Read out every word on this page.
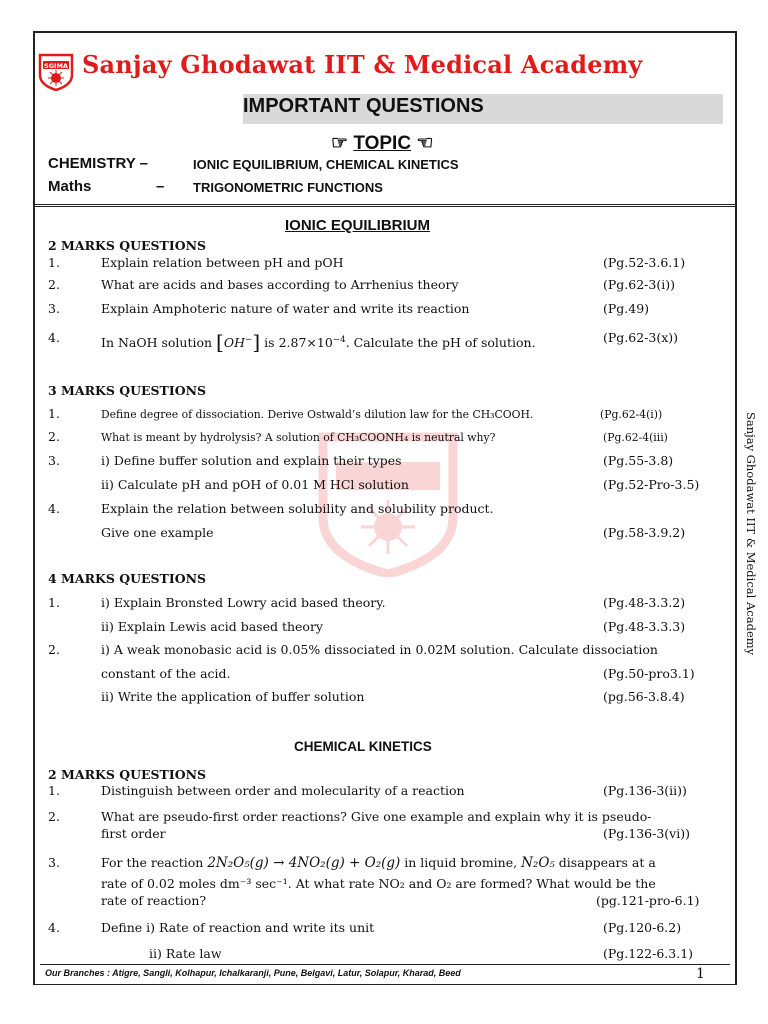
SGIMA Sanjay Ghodawat IIT & Medical Academy
IMPORTANT QUESTIONS
☞ TOPIC ☜
CHEMISTRY –	IONIC EQUILIBRIUM, CHEMICAL KINETICS
Maths	– TRIGONOMETRIC FUNCTIONS
IONIC EQUILIBRIUM
2 MARKS QUESTIONS
1.	Explain relation between pH and pOH	(Pg.52-3.6.1)
2.	What are acids and bases according to Arrhenius theory	(Pg.62-3(i))
3.	Explain Amphoteric nature of water and write its reaction	(Pg.49)
4.	In NaOH solution [OH−] is $2.87\times 10^{-4}$. Calculate the pH of solution.	(Pg.62-3(x))
3 MARKS QUESTIONS
1.	Define degree of dissociation. Derive Ostwald’s dilution law for the CH₃COOH.	(Pg.62-4(i))
2.	What is meant by hydrolysis? A solution of CH₃COONH₄ is neutral why?	(Pg.62-4(iii)
3.	i) Define buffer solution and explain their types	(Pg.55-3.8)
ii) Calculate pH and pOH of 0.01 M HCl solution	(Pg.52-Pro-3.5)
4.	Explain the relation between solubility and solubility product.
Give one example	(Pg.58-3.9.2)
4 MARKS QUESTIONS
1.	i) Explain Bronsted Lowry acid based theory.	(Pg.48-3.3.2)
ii) Explain Lewis acid based theory	(Pg.48-3.3.3)
2.	i) A weak monobasic acid is 0.05% dissociated in 0.02M solution. Calculate dissociation
constant of the acid.	(Pg.50-pro3.1)
ii) Write the application of buffer solution	(pg.56-3.8.4)
CHEMICAL KINETICS
2 MARKS QUESTIONS
1.	Distinguish between order and molecularity of a reaction	(Pg.136-3(ii))
2.	What are pseudo-first order reactions? Give one example and explain why it is pseudo-
first order	(Pg.136-3(vi))
3.	For the reaction 2N₂O₅(g) → 4NO₂(g) + O₂(g) in liquid bromine, N₂O₅ disappears at a
rate of 0.02 moles dm⁻³ sec⁻¹. At what rate NO₂ and O₂ are formed? What would be the
rate of reaction?	(pg.121-pro-6.1)
4.	Define i) Rate of reaction and write its unit	(Pg.120-6.2)
ii) Rate law	(Pg.122-6.3.1)
Sanjay Ghodawat IIT & Medical Academy
Our Branches : Atigre, Sangli, Kolhapur, Ichalkaranji, Pune, Belgavi, Latur, Solapur, Kharad, Beed	1
